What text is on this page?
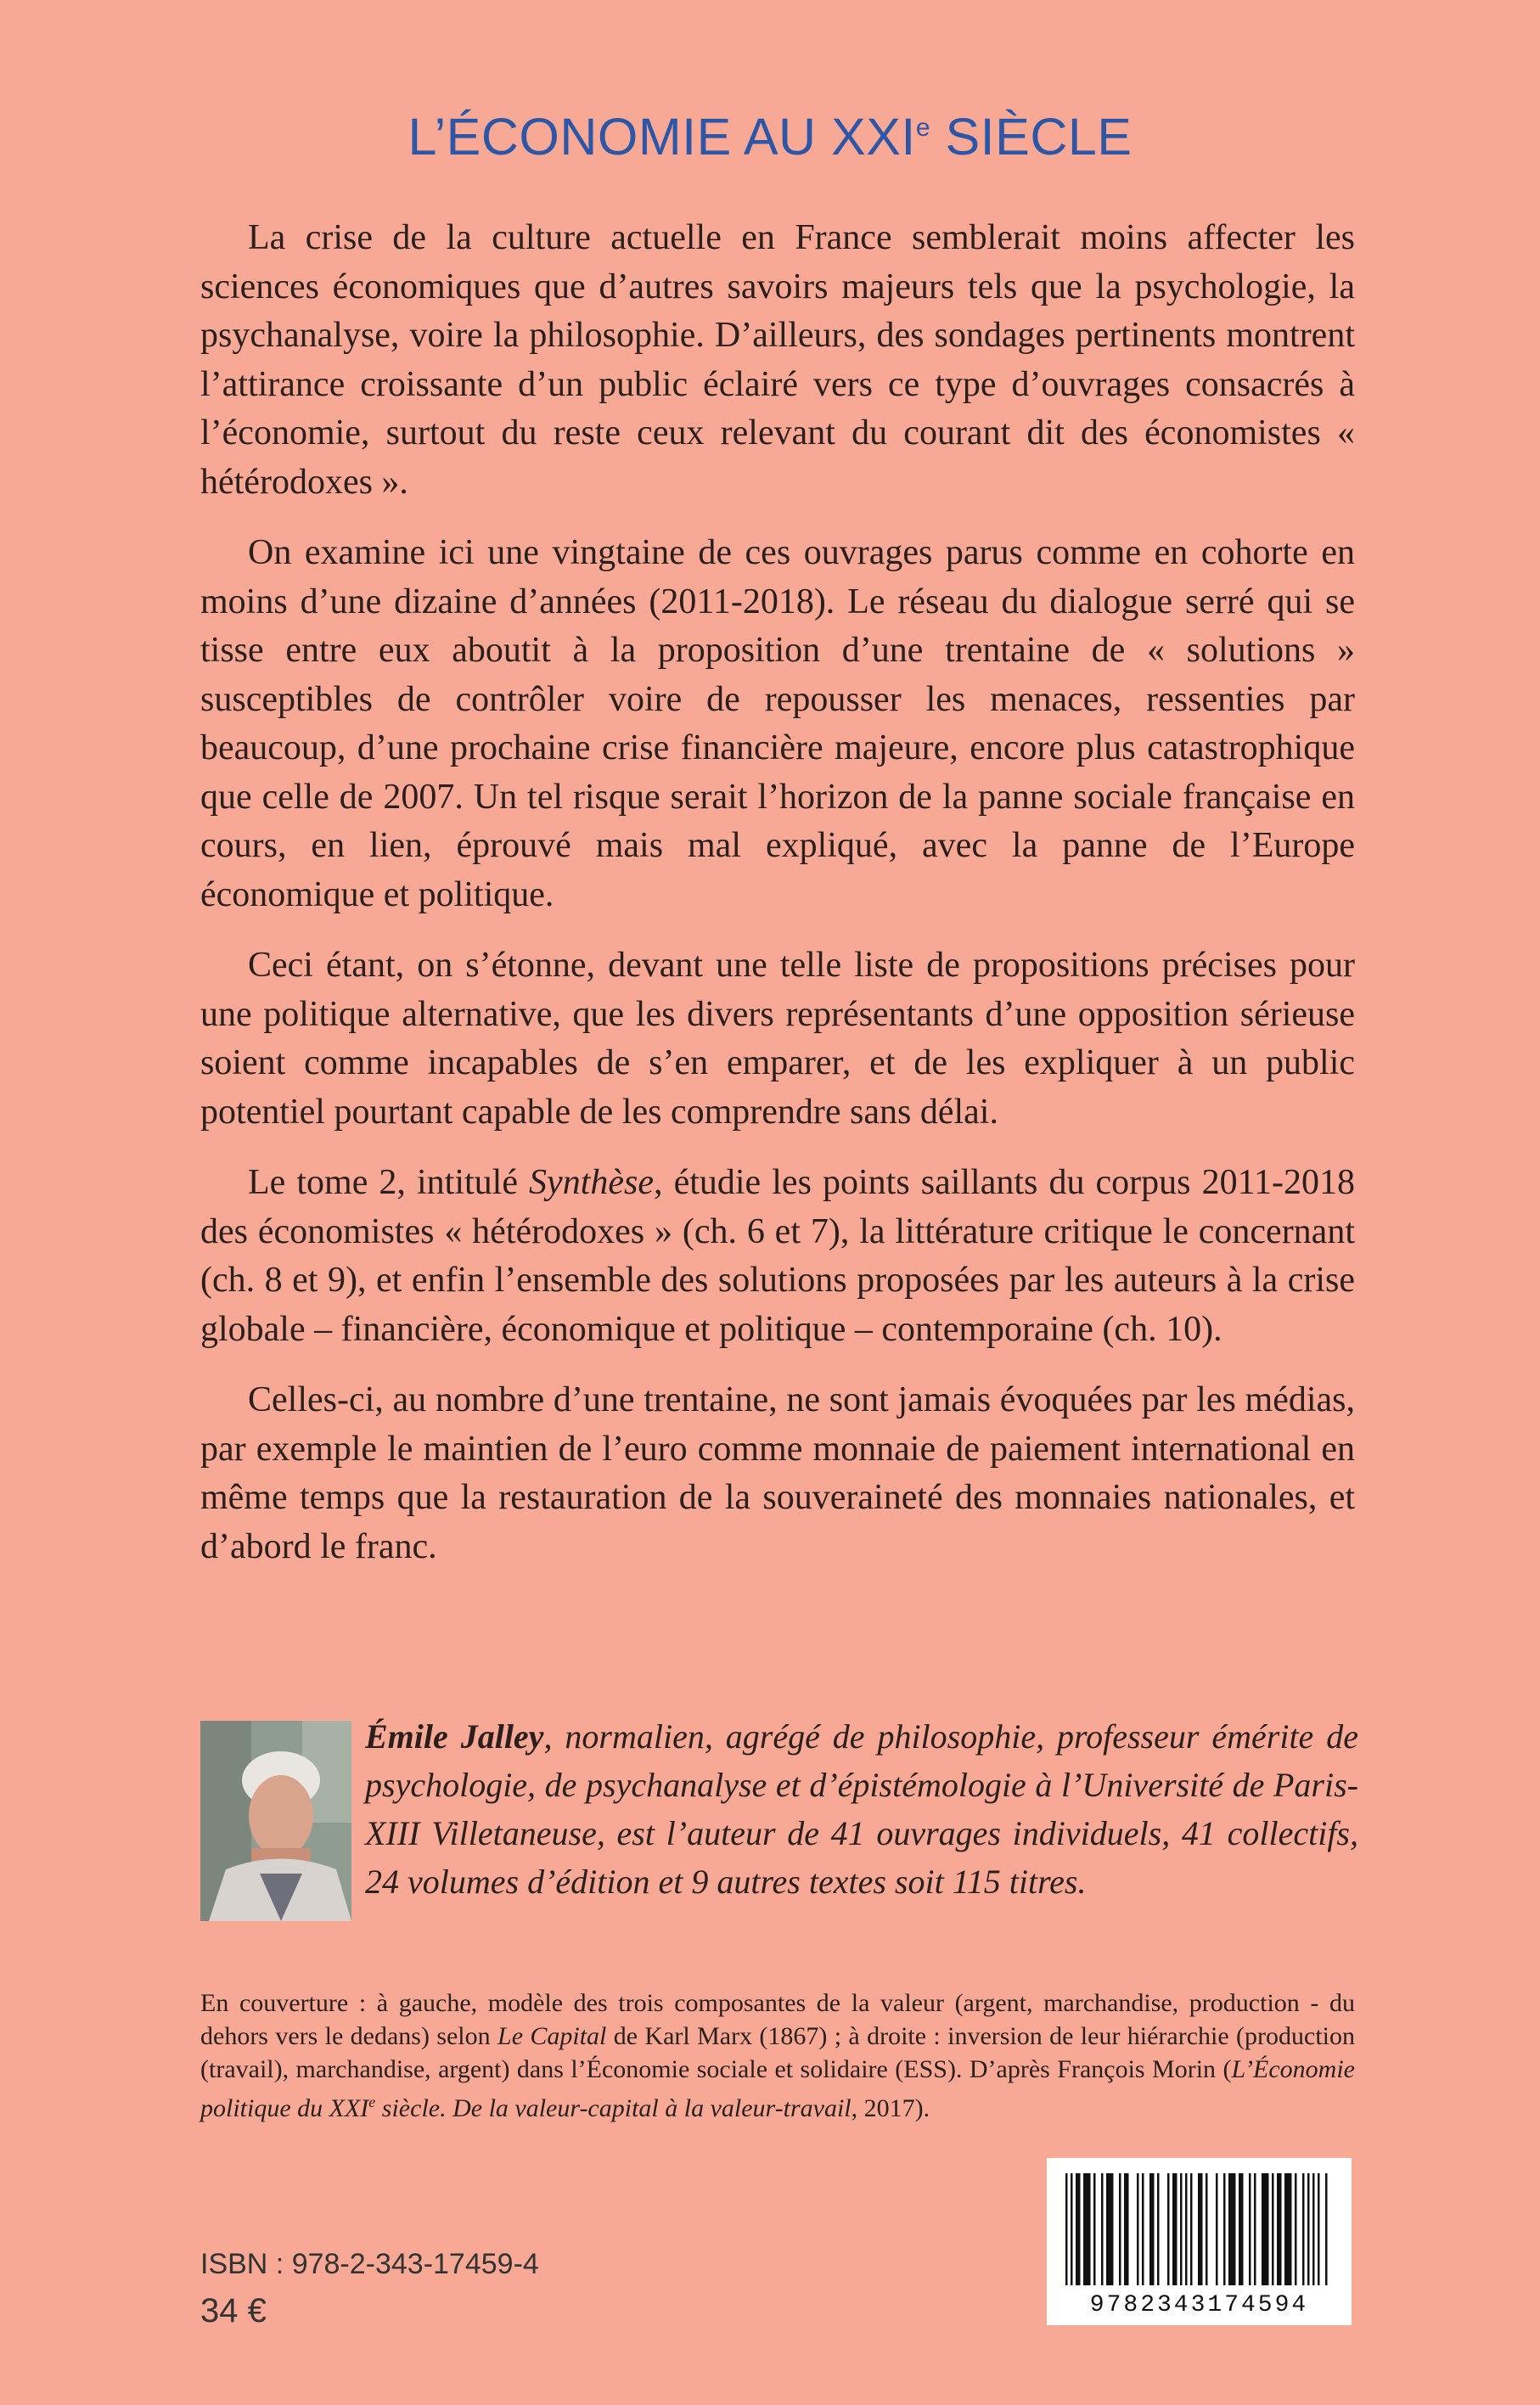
L’ÉCONOMIE AU XXIe SIÈCLE

La crise de la culture actuelle en France semblerait moins affecter les sciences économiques que d’autres savoirs majeurs tels que la psychologie, la psychanalyse, voire la philosophie. D’ailleurs, des sondages pertinents montrent l’attirance croissante d’un public éclairé vers ce type d’ouvrages consacrés à l’économie, surtout du reste ceux relevant du courant dit des économistes « hétérodoxes ».

On examine ici une vingtaine de ces ouvrages parus comme en cohorte en moins d’une dizaine d’années (2011-2018). Le réseau du dialogue serré qui se tisse entre eux aboutit à la proposition d’une trentaine de « solutions » susceptibles de contrôler voire de repousser les menaces, ressenties par beaucoup, d’une prochaine crise financière majeure, encore plus catastrophique que celle de 2007. Un tel risque serait l’horizon de la panne sociale française en cours, en lien, éprouvé mais mal expliqué, avec la panne de l’Europe économique et politique.

Ceci étant, on s’étonne, devant une telle liste de propositions précises pour une politique alternative, que les divers représentants d’une opposition sérieuse soient comme incapables de s’en emparer, et de les expliquer à un public potentiel pourtant capable de les comprendre sans délai.

Le tome 2, intitulé Synthèse, étudie les points saillants du corpus 2011-2018 des économistes « hétérodoxes » (ch. 6 et 7), la littérature critique le concernant (ch. 8 et 9), et enfin l’ensemble des solutions proposées par les auteurs à la crise globale – financière, économique et politique – contemporaine (ch. 10).

Celles-ci, au nombre d’une trentaine, ne sont jamais évoquées par les médias, par exemple le maintien de l’euro comme monnaie de paiement international en même temps que la restauration de la souveraineté des monnaies nationales, et d’abord le franc.

Émile Jalley, normalien, agrégé de philosophie, professeur émérite de psychologie, de psychanalyse et d’épistémologie à l’Université de Paris-XIII Villetaneuse, est l’auteur de 41 ouvrages individuels, 41 collectifs, 24 volumes d’édition et 9 autres textes soit 115 titres.
En couverture : à gauche, modèle des trois composantes de la valeur (argent, marchandise, production - du dehors vers le dedans) selon Le Capital de Karl Marx (1867) ; à droite : inversion de leur hiérarchie (production (travail), marchandise, argent) dans l’Économie sociale et solidaire (ESS). D’après François Morin (L’Économie politique du XXIe siècle. De la valeur-capital à la valeur-travail, 2017).
ISBN : 978-2-343-17459-4
34 €	9782343174594
